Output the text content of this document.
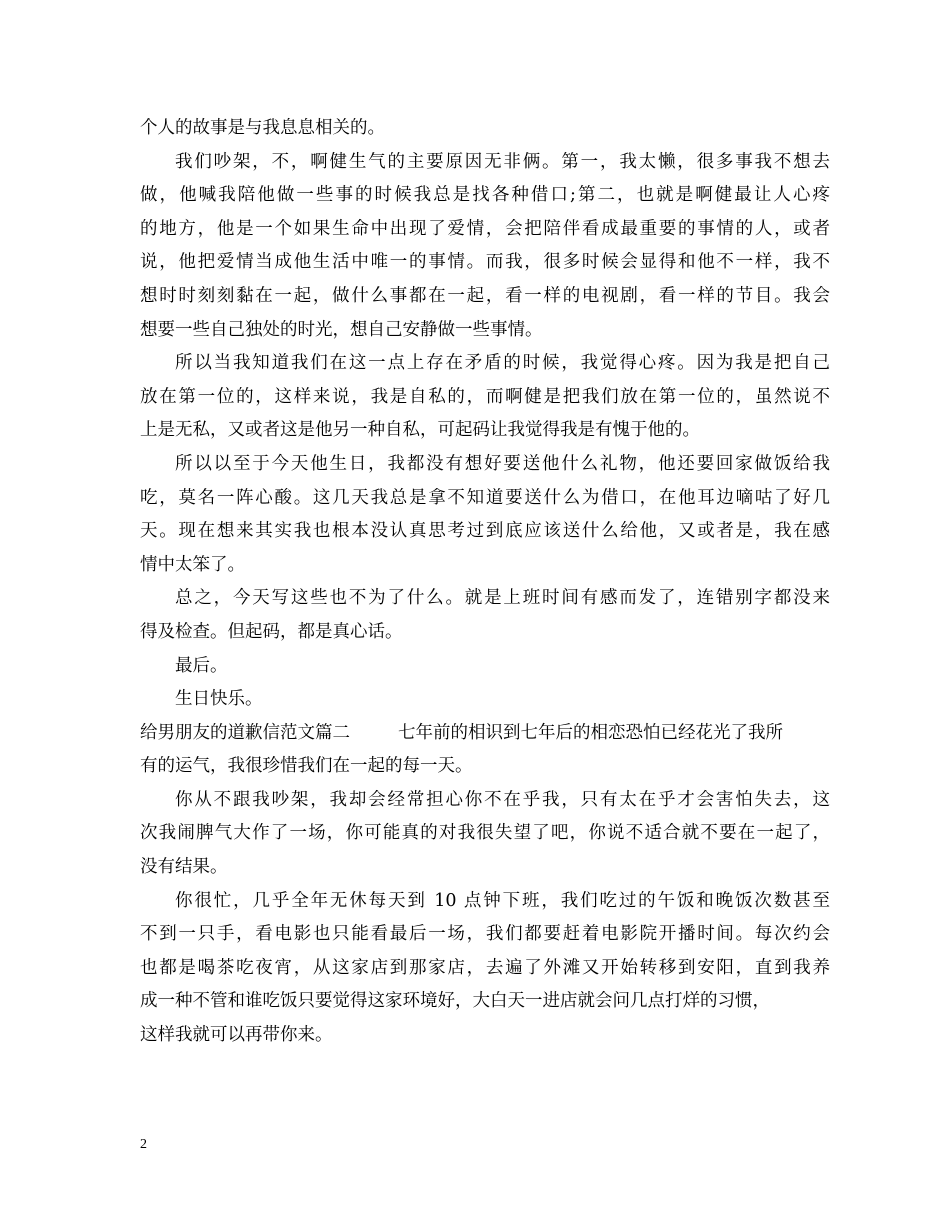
个人的故事是与我息息相关的。
我们吵架，不，啊健生气的主要原因无非俩。第一，我太懒，很多事我不想去
做，他喊我陪他做一些事的时候我总是找各种借口;第二，也就是啊健最让人心疼
的地方，他是一个如果生命中出现了爱情，会把陪伴看成最重要的事情的人，或者
说，他把爱情当成他生活中唯一的事情。而我，很多时候会显得和他不一样，我不
想时时刻刻黏在一起，做什么事都在一起，看一样的电视剧，看一样的节目。我会
想要一些自己独处的时光，想自己安静做一些事情。
所以当我知道我们在这一点上存在矛盾的时候，我觉得心疼。因为我是把自己
放在第一位的，这样来说，我是自私的，而啊健是把我们放在第一位的，虽然说不
上是无私，又或者这是他另一种自私，可起码让我觉得我是有愧于他的。
所以以至于今天他生日，我都没有想好要送他什么礼物，他还要回家做饭给我
吃，莫名一阵心酸。这几天我总是拿不知道要送什么为借口，在他耳边嘀咕了好几
天。现在想来其实我也根本没认真思考过到底应该送什么给他，又或者是，我在感
情中太笨了。
总之，今天写这些也不为了什么。就是上班时间有感而发了，连错别字都没来
得及检查。但起码，都是真心话。
最后。
生日快乐。
给男朋友的道歉信范文篇二	七年前的相识到七年后的相恋恐怕已经花光了我所
有的运气，我很珍惜我们在一起的每一天。
你从不跟我吵架，我却会经常担心你不在乎我，只有太在乎才会害怕失去，这
次我闹脾气大作了一场，你可能真的对我很失望了吧，你说不适合就不要在一起了，
没有结果。
你很忙，几乎全年无休每天到 10 点钟下班，我们吃过的午饭和晚饭次数甚至
不到一只手，看电影也只能看最后一场，我们都要赶着电影院开播时间。每次约会
也都是喝茶吃夜宵，从这家店到那家店，去遍了外滩又开始转移到安阳，直到我养
成一种不管和谁吃饭只要觉得这家环境好，大白天一进店就会问几点打烊的习惯，
这样我就可以再带你来。
2
